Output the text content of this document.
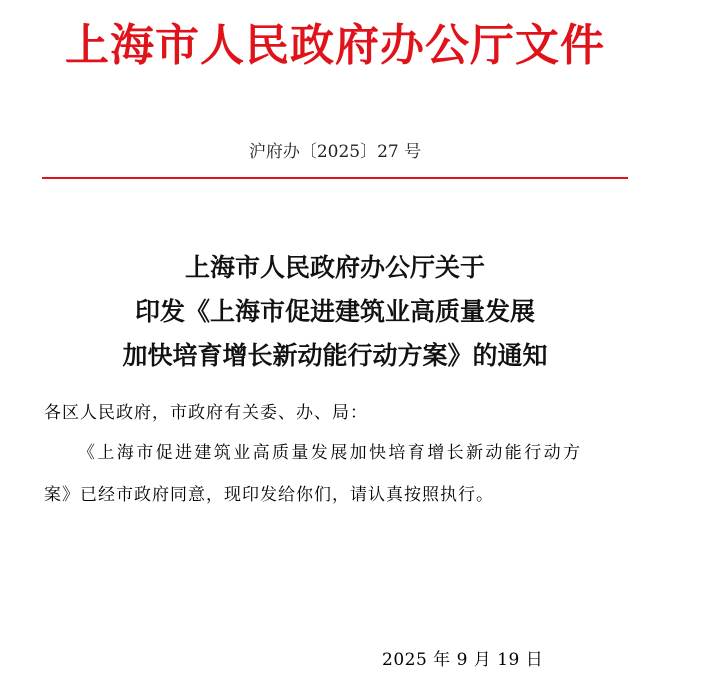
上海市人民政府办公厅文件
沪府办〔2025〕27 号
上海市人民政府办公厅关于
印发《上海市促进建筑业高质量发展
加快培育增长新动能行动方案》的通知
各区人民政府，市政府有关委、办、局：
《上海市促进建筑业高质量发展加快培育增长新动能行动方
案》已经市政府同意，现印发给你们，请认真按照执行。
2025 年 9 月 19 日
